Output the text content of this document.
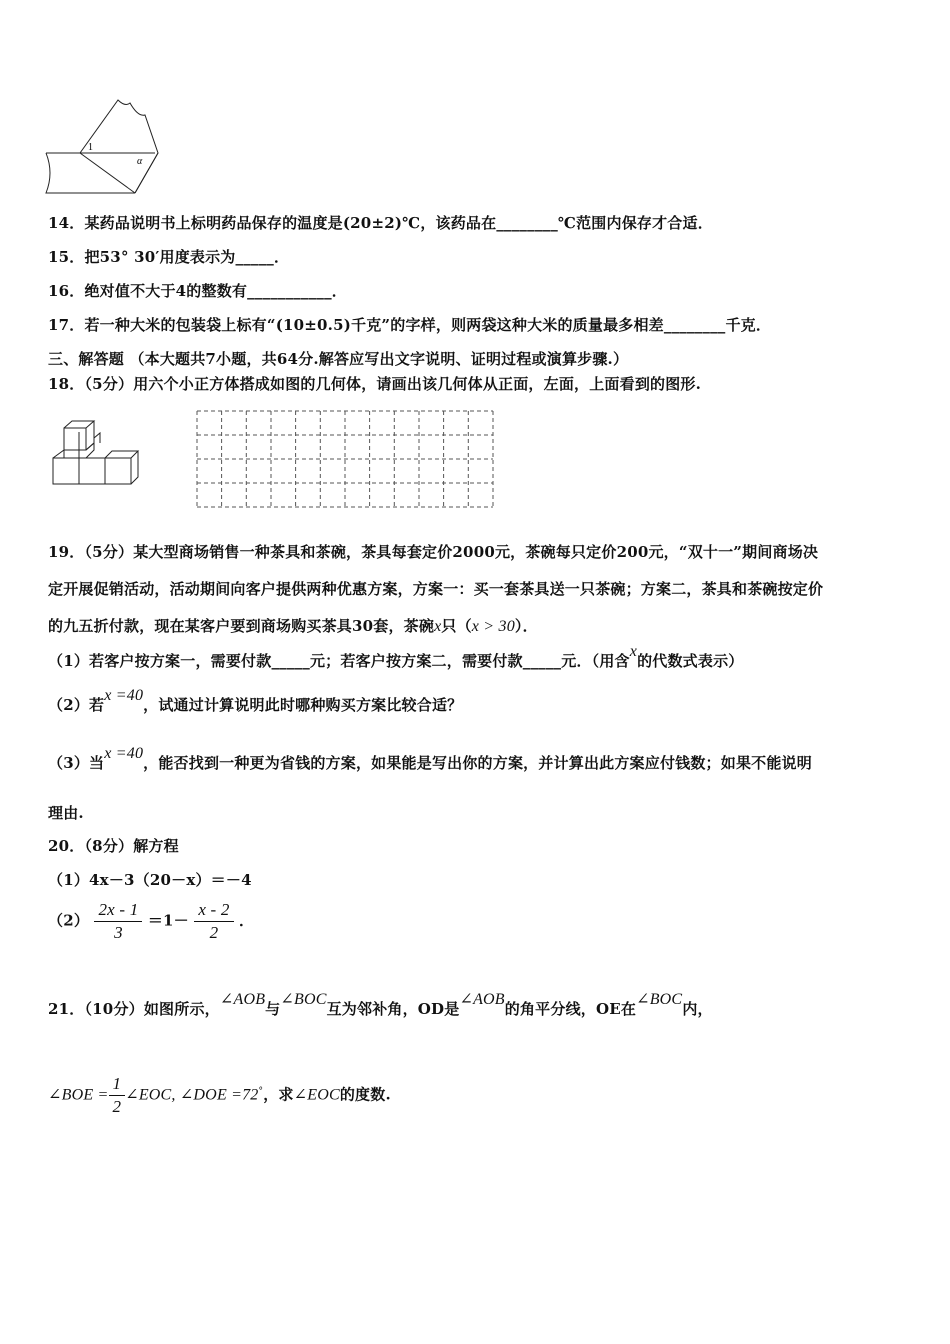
1
α
14．某药品说明书上标明药品保存的温度是(20±2)℃，该药品在________℃范围内保存才合适．
15．把53° 30′用度表示为_____．
16．绝对值不大于4的整数有___________．
17．若一种大米的包装袋上标有“(10±0.5)千克”的字样，则两袋这种大米的质量最多相差________千克．
三、解答题 （本大题共7小题，共64分.解答应写出文字说明、证明过程或演算步骤.）
18．（5分）用六个小正方体搭成如图的几何体，请画出该几何体从正面，左面，上面看到的图形.
19．（5分）某大型商场销售一种茶具和茶碗，茶具每套定价2000元，茶碗每只定价200元，“双十一”期间商场决
定开展促销活动，活动期间向客户提供两种优惠方案，方案一：买一套茶具送一只茶碗；方案二，茶具和茶碗按定价
的九五折付款，现在某客户要到商场购买茶具30套，茶碗x只（x > 30）．
（1）若客户按方案一，需要付款_____元；若客户按方案二，需要付款_____元．（用含x的代数式表示）
（2）若x =40，试通过计算说明此时哪种购买方案比较合适？
（3）当x =40，能否找到一种更为省钱的方案，如果能是写出你的方案，并计算出此方案应付钱数；如果不能说明
理由.
20．（8分）解方程
（1）4x－3（20－x）＝－4
$(2) \frac{2x - 1}{3} =1- \frac{x - 2}{2}$ ．
21．（10分）如图所示，∠AOB与∠BOC互为邻补角，OD是∠AOB的角平分线，OE在∠BOC内，
∠BOE = $\frac{1}{2}$ ∠EOC, ∠DOE =72°，求∠EOC的度数.
